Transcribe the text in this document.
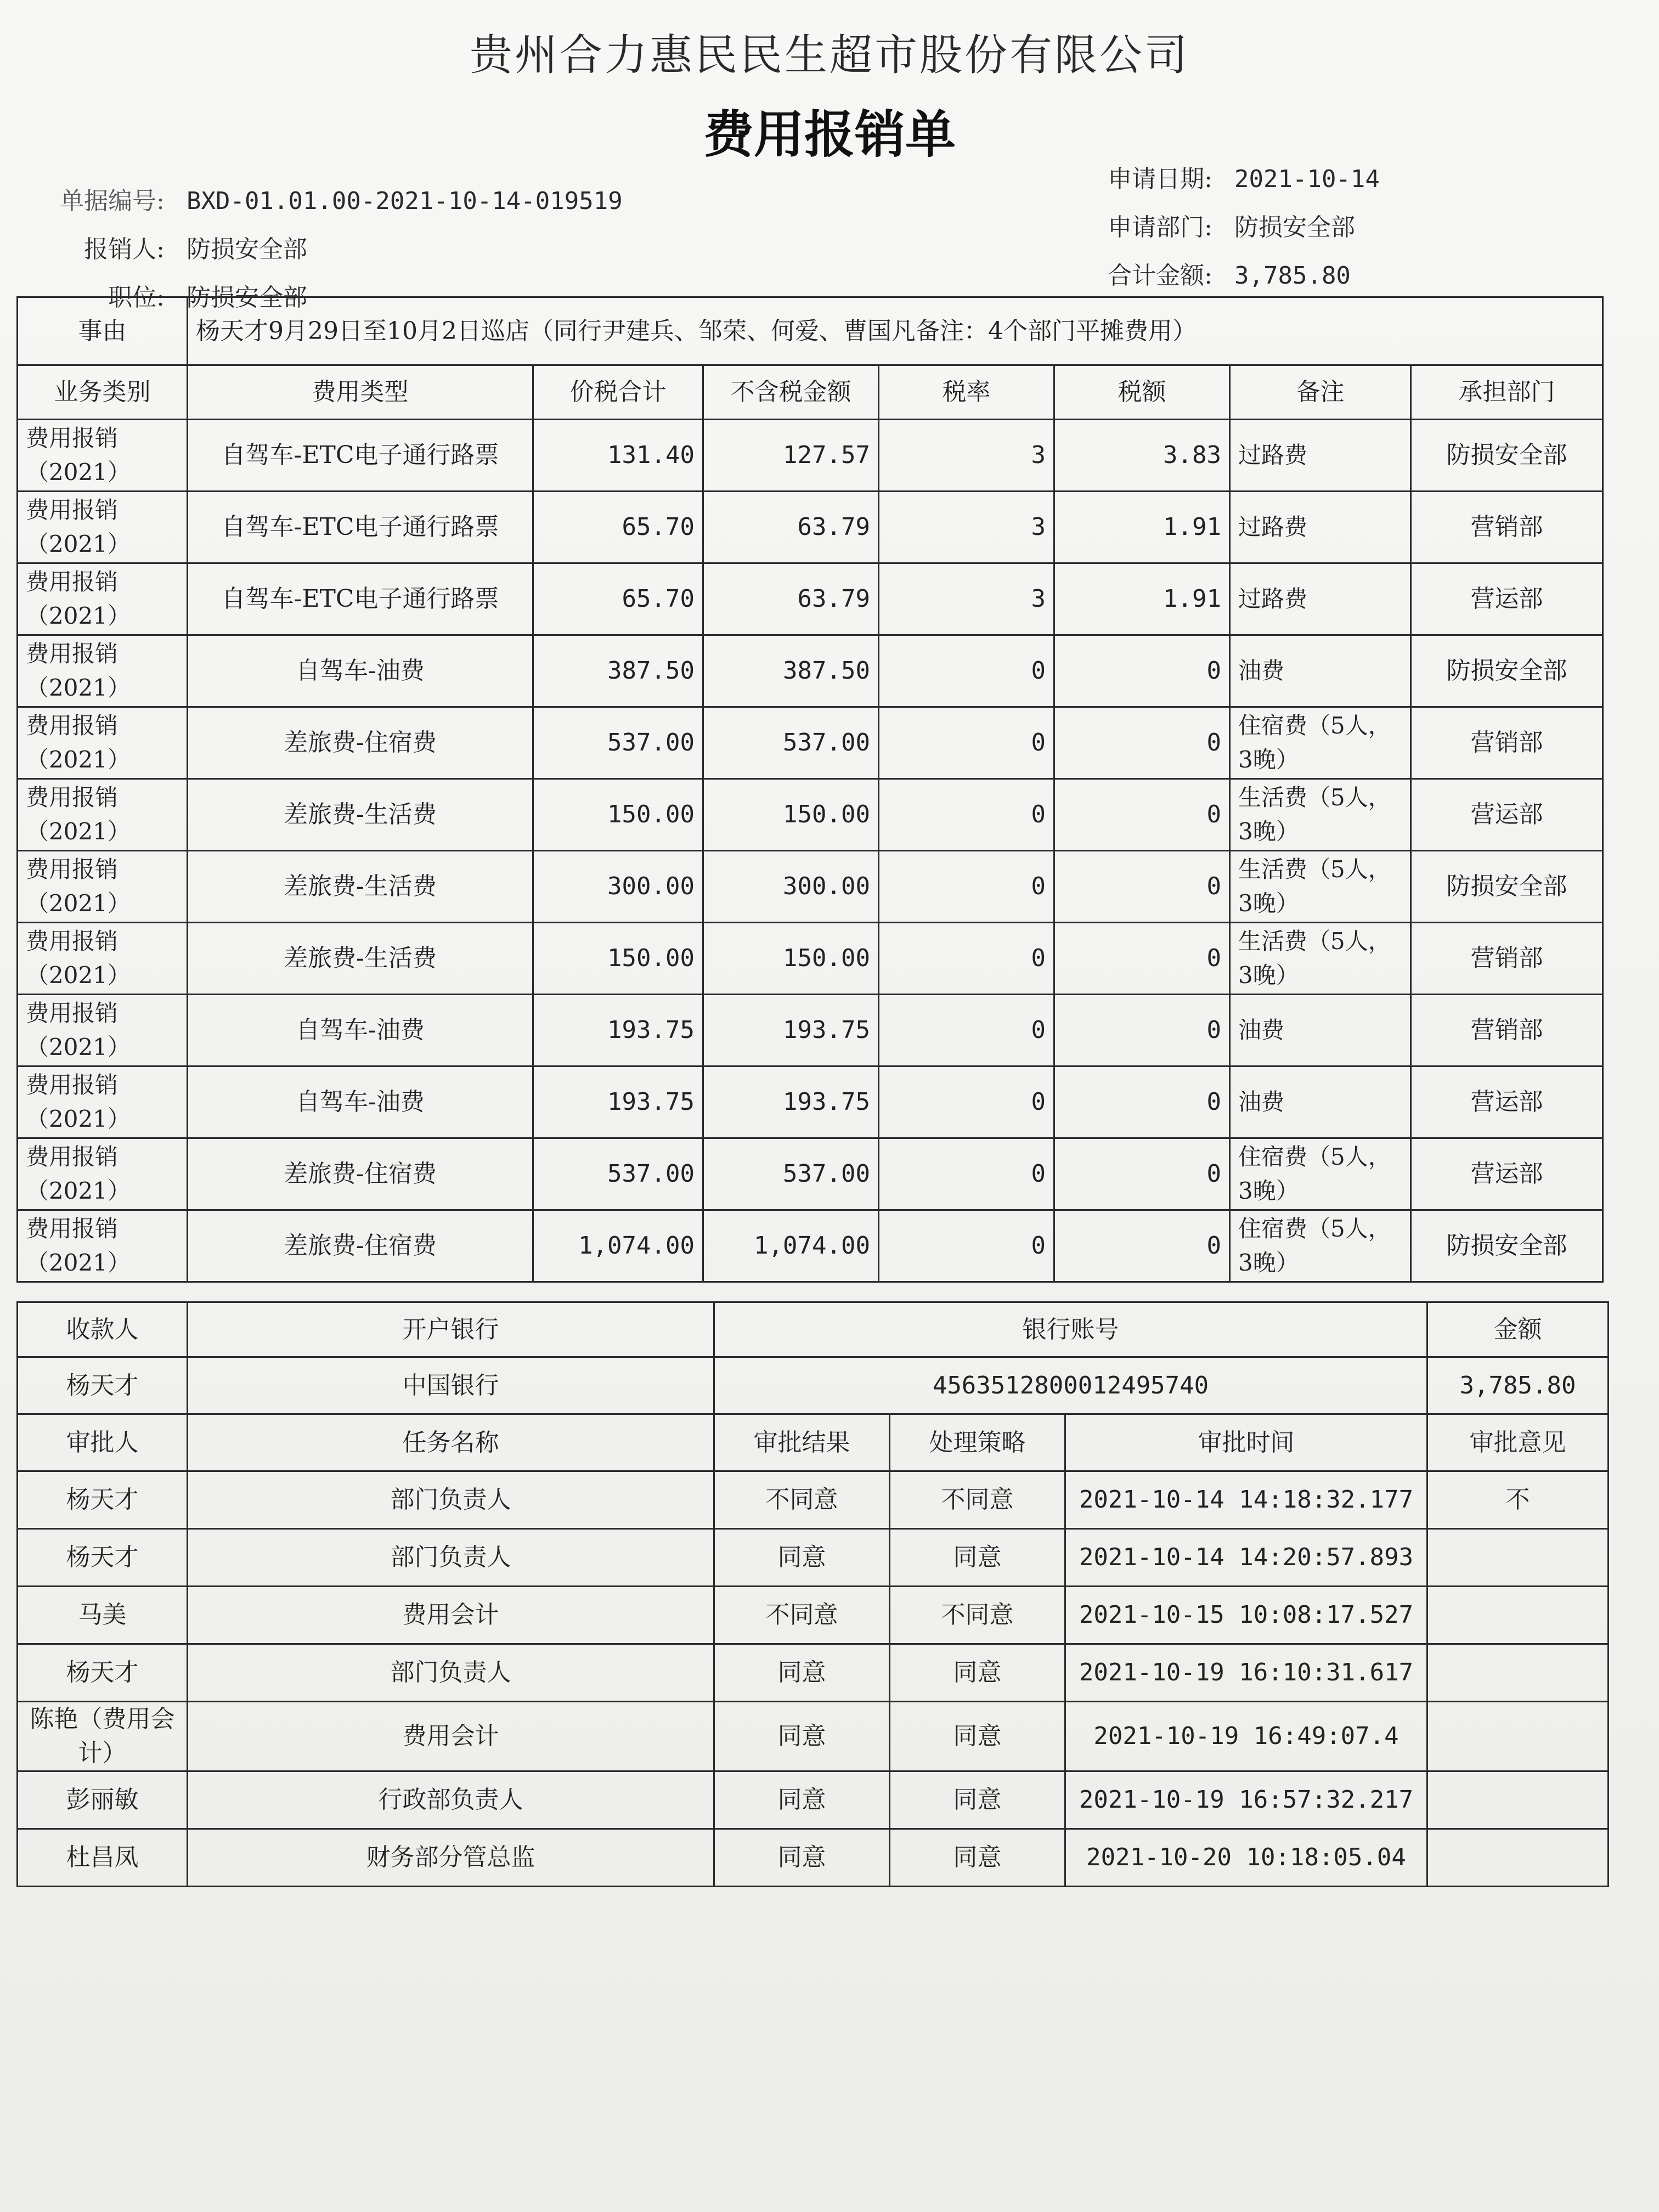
贵州合力惠民民生超市股份有限公司
费用报销单
单据编号: BXD-01.01.00-2021-10-14-019519
报销人: 防损安全部
职位: 防损安全部
申请日期: 2021-10-14
申请部门: 防损安全部
合计金额: 3,785.80
事由	杨天才9月29日至10月2日巡店（同行尹建兵、邹荣、何爱、曹国凡备注：4个部门平摊费用）						
业务类别	费用类型	价税合计	不含税金额	税率	税额	备注	承担部门
费用报销（2021）	自驾车-ETC电子通行路票	131.40	127.57	3	3.83	过路费	防损安全部
费用报销（2021）	自驾车-ETC电子通行路票	65.70	63.79	3	1.91	过路费	营销部
费用报销（2021）	自驾车-ETC电子通行路票	65.70	63.79	3	1.91	过路费	营运部
费用报销（2021）	自驾车-油费	387.50	387.50	0	0	油费	防损安全部
费用报销（2021）	差旅费-住宿费	537.00	537.00	0	0	住宿费（5人，3晚）	营销部
费用报销（2021）	差旅费-生活费	150.00	150.00	0	0	生活费（5人，3晚）	营运部
费用报销（2021）	差旅费-生活费	300.00	300.00	0	0	生活费（5人，3晚）	防损安全部
费用报销（2021）	差旅费-生活费	150.00	150.00	0	0	生活费（5人，3晚）	营销部
费用报销（2021）	自驾车-油费	193.75	193.75	0	0	油费	营销部
费用报销（2021）	自驾车-油费	193.75	193.75	0	0	油费	营运部
费用报销（2021）	差旅费-住宿费	537.00	537.00	0	0	住宿费（5人，3晚）	营运部
费用报销（2021）	差旅费-住宿费	1,074.00	1,074.00	0	0	住宿费（5人，3晚）	防损安全部
收款人	开户银行	银行账号			金额
杨天才	中国银行	4563512800012495740			3,785.80
审批人	任务名称	审批结果	处理策略	审批时间	审批意见
杨天才	部门负责人	不同意	不同意	2021-10-14 14:18:32.177	不
杨天才	部门负责人	同意	同意	2021-10-14 14:20:57.893	
马美	费用会计	不同意	不同意	2021-10-15 10:08:17.527	
杨天才	部门负责人	同意	同意	2021-10-19 16:10:31.617	
陈艳（费用会计）	费用会计	同意	同意	2021-10-19 16:49:07.4	
彭丽敏	行政部负责人	同意	同意	2021-10-19 16:57:32.217	
杜昌凤	财务部分管总监	同意	同意	2021-10-20 10:18:05.04	
